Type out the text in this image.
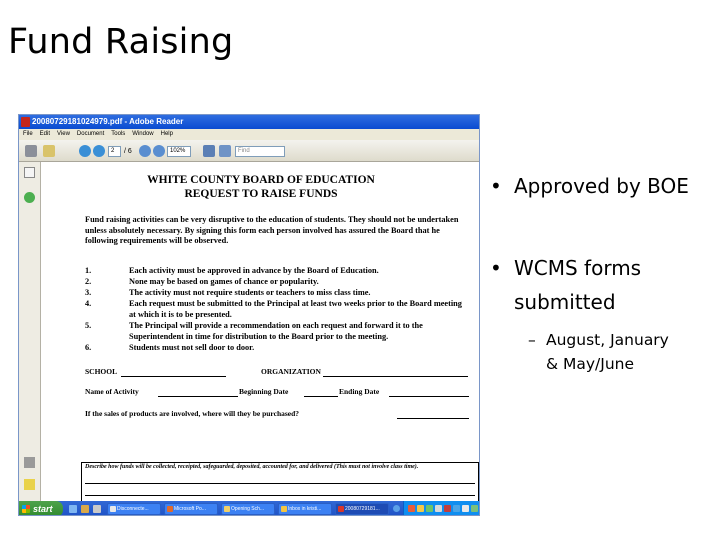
Fund Raising
20080729181024979.pdf - Adobe Reader
File Edit View Document Tools Window Help
2	/ 6	102%	Find
WHITE COUNTY BOARD OF EDUCATION
REQUEST TO RAISE FUNDS
Fund raising activities can be very disruptive to the education of students. They should not be undertaken unless absolutely necessary. By signing this form each person involved has assured the Board that he following requirements will be observed.
1.	Each activity must be approved in advance by the Board of Education.
2.	None may be based on games of chance or popularity.
3.	The activity must not require students or teachers to miss class time.
4.	Each request must be submitted to the Principal at least two weeks prior to the Board meeting at which it is to be presented.
5.	The Principal will provide a recommendation on each request and forward it to the Superintendent in time for distribution to the Board prior to the meeting.
6.	Students must not sell door to door.
SCHOOL	ORGANIZATION
Name of Activity	Beginning Date	Ending Date
If the sales of products are involved, where will they be purchased?
Describe how funds will be collected, receipted, safeguarded, deposited, accounted for, and delivered (This must not involve class time).
start	Disconnecte...	Microsoft Po...	Opening Sch...	Inbox in kristi...	20080729181...
• Approved by BOE
• WCMS forms
submitted
– August, January
& May/June
